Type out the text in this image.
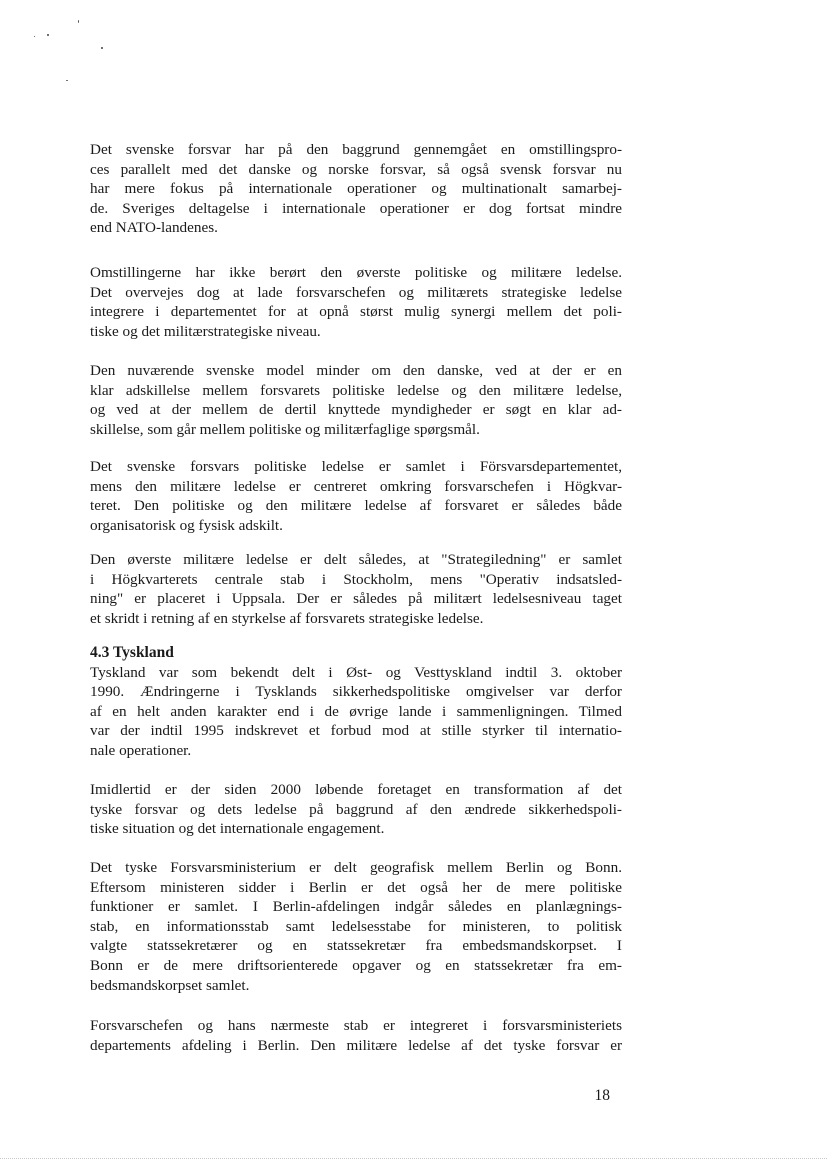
Det svenske forsvar har på den baggrund gennemgået en omstillingspro-
ces parallelt med det danske og norske forsvar, så også svensk forsvar nu
har mere fokus på internationale operationer og multinationalt samarbej-
de. Sveriges deltagelse i internationale operationer er dog fortsat mindre
end NATO-landenes.
Omstillingerne har ikke berørt den øverste politiske og militære ledelse.
Det overvejes dog at lade forsvarschefen og militærets strategiske ledelse
integrere i departementet for at opnå størst mulig synergi mellem det poli-
tiske og det militærstrategiske niveau.
Den nuværende svenske model minder om den danske, ved at der er en
klar adskillelse mellem forsvarets politiske ledelse og den militære ledelse,
og ved at der mellem de dertil knyttede myndigheder er søgt en klar ad-
skillelse, som går mellem politiske og militærfaglige spørgsmål.
Det svenske forsvars politiske ledelse er samlet i Försvarsdepartementet,
mens den militære ledelse er centreret omkring forsvarschefen i Högkvar-
teret. Den politiske og den militære ledelse af forsvaret er således både
organisatorisk og fysisk adskilt.
Den øverste militære ledelse er delt således, at "Strategiledning" er samlet
i Högkvarterets centrale stab i Stockholm, mens "Operativ indsatsled-
ning" er placeret i Uppsala. Der er således på militært ledelsesniveau taget
et skridt i retning af en styrkelse af forsvarets strategiske ledelse.
4.3 Tyskland
Tyskland var som bekendt delt i Øst- og Vesttyskland indtil 3. oktober
1990. Ændringerne i Tysklands sikkerhedspolitiske omgivelser var derfor
af en helt anden karakter end i de øvrige lande i sammenligningen. Tilmed
var der indtil 1995 indskrevet et forbud mod at stille styrker til internatio-
nale operationer.
Imidlertid er der siden 2000 løbende foretaget en transformation af det
tyske forsvar og dets ledelse på baggrund af den ændrede sikkerhedspoli-
tiske situation og det internationale engagement.
Det tyske Forsvarsministerium er delt geografisk mellem Berlin og Bonn.
Eftersom ministeren sidder i Berlin er det også her de mere politiske
funktioner er samlet. I Berlin-afdelingen indgår således en planlægnings-
stab, en informationsstab samt ledelsesstabe for ministeren, to politisk
valgte statssekretærer og en statssekretær fra embedsmandskorpset. I
Bonn er de mere driftsorienterede opgaver og en statssekretær fra em-
bedsmandskorpset samlet.
Forsvarschefen og hans nærmeste stab er integreret i forsvarsministeriets
departements afdeling i Berlin. Den militære ledelse af det tyske forsvar er
18
